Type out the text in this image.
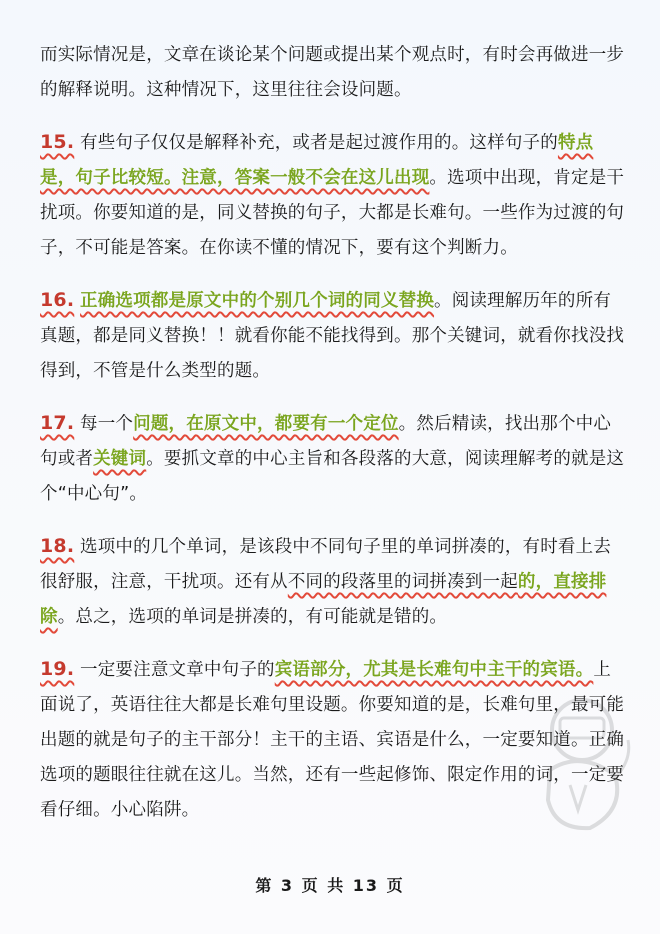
而实际情况是，文章在谈论某个问题或提出某个观点时，有时会再做进一步的解释说明。这种情况下，这里往往会设问题。
15. 有些句子仅仅是解释补充，或者是起过渡作用的。这样句子的特点是，句子比较短。注意，答案一般不会在这儿出现。选项中出现，肯定是干扰项。你要知道的是，同义替换的句子，大都是长难句。一些作为过渡的句子，不可能是答案。在你读不懂的情况下，要有这个判断力。
16. 正确选项都是原文中的个别几个词的同义替换。阅读理解历年的所有真题，都是同义替换！！就看你能不能找得到。那个关键词，就看你找没找得到，不管是什么类型的题。
17. 每一个问题，在原文中，都要有一个定位。然后精读，找出那个中心句或者关键词。要抓文章的中心主旨和各段落的大意，阅读理解考的就是这个“中心句”。
18. 选项中的几个单词，是该段中不同句子里的单词拼凑的，有时看上去很舒服，注意，干扰项。还有从不同的段落里的词拼凑到一起的，直接排除。总之，选项的单词是拼凑的，有可能就是错的。
19. 一定要注意文章中句子的宾语部分，尤其是长难句中主干的宾语。上面说了，英语往往大都是长难句里设题。你要知道的是，长难句里，最可能出题的就是句子的主干部分！主干的主语、宾语是什么，一定要知道。正确选项的题眼往往就在这儿。当然，还有一些起修饰、限定作用的词，一定要看仔细。小心陷阱。
第 3 页 共 13 页
